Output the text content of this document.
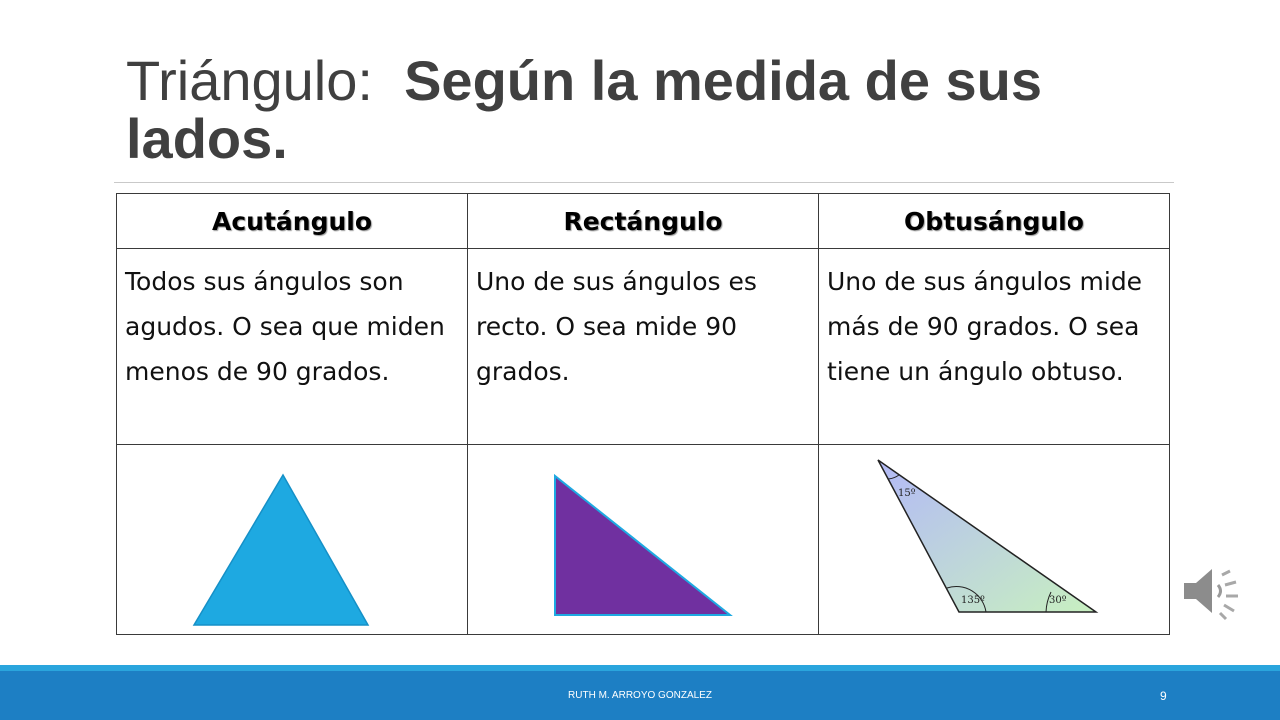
Triángulo: Según la medida de sus lados.
Acutángulo	Rectángulo	Obtusángulo
Todos sus ángulos son agudos. O sea que miden menos de 90 grados.	Uno de sus ángulos es recto. O sea mide 90 grados.	Uno de sus ángulos mide más de 90 grados. O sea tiene un ángulo obtuso.

15º
135º 30º
RUTH M. ARROYO GONZALEZ	9
